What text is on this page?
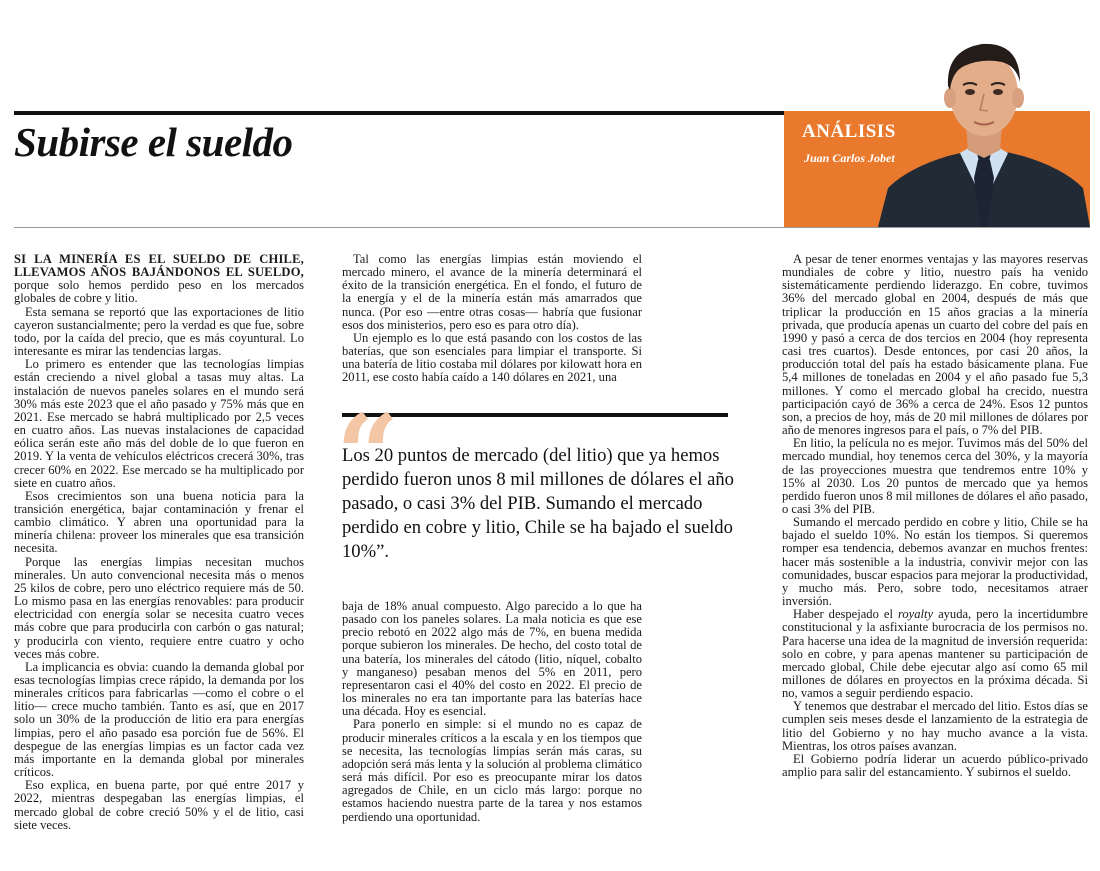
Subirse el sueldo	ANÁLISIS
Juan Carlos Jobet

SI LA MINERÍA ES EL SUELDO DE CHILE, LLEVAMOS AÑOS BAJÁNDONOS EL SUELDO, porque solo hemos perdido peso en los mercados globales de cobre y litio.

Esta semana se reportó que las exportaciones de litio cayeron sustancialmente; pero la verdad es que fue, sobre todo, por la caída del precio, que es más coyuntural. Lo interesante es mirar las tendencias largas.

Lo primero es entender que las tecnologías limpias están creciendo a nivel global a tasas muy altas. La instalación de nuevos paneles solares en el mundo será 30% más este 2023 que el año pasado y 75% más que en 2021. Ese mercado se habrá multiplicado por 2,5 veces en cuatro años. Las nuevas instalaciones de capacidad eólica serán este año más del doble de lo que fueron en 2019. Y la venta de vehículos eléctricos crecerá 30%, tras crecer 60% en 2022. Ese mercado se ha multiplicado por siete en cuatro años.

Esos crecimientos son una buena noticia para la transición energética, bajar contaminación y frenar el cambio climático. Y abren una oportunidad para la minería chilena: proveer los minerales que esa transición necesita.

Porque las energías limpias necesitan muchos minerales. Un auto convencional necesita más o menos 25 kilos de cobre, pero uno eléctrico requiere más de 50. Lo mismo pasa en las energías renovables: para producir electricidad con energía solar se necesita cuatro veces más cobre que para producirla con carbón o gas natural; y producirla con viento, requiere entre cuatro y ocho veces más cobre.

La implicancia es obvia: cuando la demanda global por esas tecnologías limpias crece rápido, la demanda por los minerales críticos para fabricarlas —como el cobre o el litio— crece mucho también. Tanto es así, que en 2017 solo un 30% de la producción de litio era para energías limpias, pero el año pasado esa porción fue de 56%. El despegue de las energías limpias es un factor cada vez más importante en la demanda global por minerales críticos.

Eso explica, en buena parte, por qué entre 2017 y 2022, mientras despegaban las energías limpias, el mercado global de cobre creció 50% y el de litio, casi siete veces.

Tal como las energías limpias están moviendo el mercado minero, el avance de la minería determinará el éxito de la transición energética. En el fondo, el futuro de la energía y el de la minería están más amarrados que nunca. (Por eso —entre otras cosas— habría que fusionar esos dos ministerios, pero eso es para otro día).

Un ejemplo es lo que está pasando con los costos de las baterías, que son esenciales para limpiar el transporte. Si una batería de litio costaba mil dólares por kilowatt hora en 2011, ese costo había caído a 140 dólares en 2021, una

“

Los 20 puntos de mercado (del litio) que ya hemos perdido fueron unos 8 mil millones de dólares el año pasado, o casi 3% del PIB. Sumando el mercado perdido en cobre y litio, Chile se ha bajado el sueldo 10%”.

baja de 18% anual compuesto. Algo parecido a lo que ha pasado con los paneles solares. La mala noticia es que ese precio rebotó en 2022 algo más de 7%, en buena medida porque subieron los minerales. De hecho, del costo total de una batería, los minerales del cátodo (litio, níquel, cobalto y manganeso) pesaban menos del 5% en 2011, pero representaron casi el 40% del costo en 2022. El precio de los minerales no era tan importante para las baterías hace una década. Hoy es esencial.

Para ponerlo en simple: si el mundo no es capaz de producir minerales críticos a la escala y en los tiempos que se necesita, las tecnologías limpias serán más caras, su adopción será más lenta y la solución al problema climático será más difícil. Por eso es preocupante mirar los datos agregados de Chile, en un ciclo más largo: porque no estamos haciendo nuestra parte de la tarea y nos estamos perdiendo una oportunidad.

A pesar de tener enormes ventajas y las mayores reservas mundiales de cobre y litio, nuestro país ha venido sistemáticamente perdiendo liderazgo. En cobre, tuvimos 36% del mercado global en 2004, después de más que triplicar la producción en 15 años gracias a la minería privada, que producía apenas un cuarto del cobre del país en 1990 y pasó a cerca de dos tercios en 2004 (hoy representa casi tres cuartos). Desde entonces, por casi 20 años, la producción total del país ha estado básicamente plana. Fue 5,4 millones de toneladas en 2004 y el año pasado fue 5,3 millones. Y como el mercado global ha crecido, nuestra participación cayó de 36% a cerca de 24%. Esos 12 puntos son, a precios de hoy, más de 20 mil millones de dólares por año de menores ingresos para el país, o 7% del PIB.

En litio, la película no es mejor. Tuvimos más del 50% del mercado mundial, hoy tenemos cerca del 30%, y la mayoría de las proyecciones muestra que tendremos entre 10% y 15% al 2030. Los 20 puntos de mercado que ya hemos perdido fueron unos 8 mil millones de dólares el año pasado, o casi 3% del PIB.

Sumando el mercado perdido en cobre y litio, Chile se ha bajado el sueldo 10%. No están los tiempos. Si queremos romper esa tendencia, debemos avanzar en muchos frentes: hacer más sostenible a la industria, convivir mejor con las comunidades, buscar espacios para mejorar la productividad, y mucho más. Pero, sobre todo, necesitamos atraer inversión.

Haber despejado el royalty ayuda, pero la incertidumbre constitucional y la asfixiante burocracia de los permisos no. Para hacerse una idea de la magnitud de inversión requerida: solo en cobre, y para apenas mantener su participación de mercado global, Chile debe ejecutar algo así como 65 mil millones de dólares en proyectos en la próxima década. Si no, vamos a seguir perdiendo espacio.

Y tenemos que destrabar el mercado del litio. Estos días se cumplen seis meses desde el lanzamiento de la estrategia de litio del Gobierno y no hay mucho avance a la vista. Mientras, los otros países avanzan.

El Gobierno podría liderar un acuerdo público-privado amplio para salir del estancamiento. Y subirnos el sueldo.
